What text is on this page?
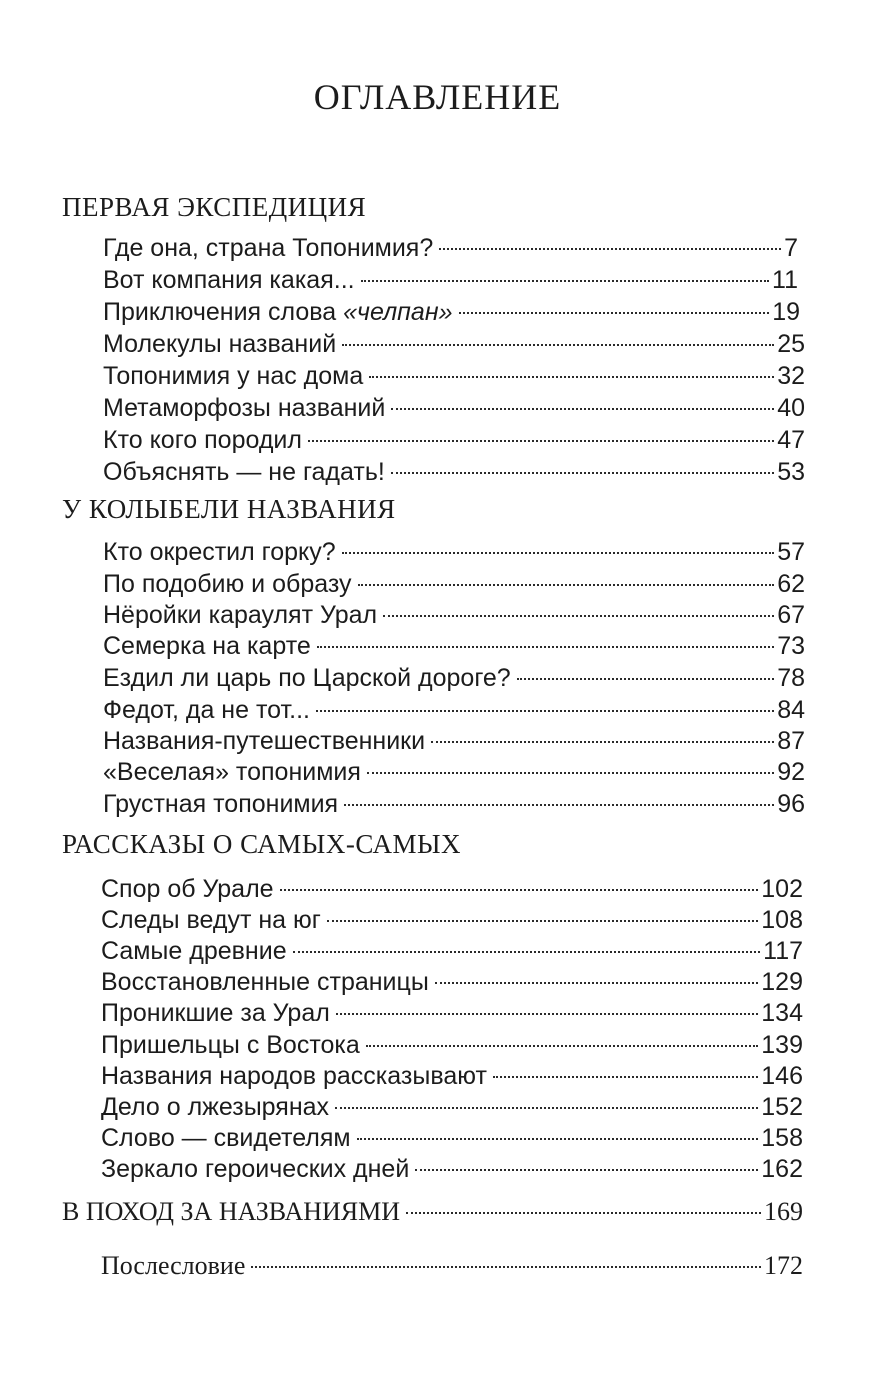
ОГЛАВЛЕНИЕ
ПЕРВАЯ ЭКСПЕДИЦИЯ
Где она, страна Топонимия?	7
Вот компания какая...	11
Приключения слова «челпан»	19
Молекулы названий	25
Топонимия у нас дома	32
Метаморфозы названий	40
Кто кого породил	47
Объяснять — не гадать!	53
У КОЛЫБЕЛИ НАЗВАНИЯ
Кто окрестил горку?	57
По подобию и образу	62
Нёройки караулят Урал	67
Семерка на карте	73
Ездил ли царь по Царской дороге?	78
Федот, да не тот...	84
Названия-путешественники	87
«Веселая» топонимия	92
Грустная топонимия	96
РАССКАЗЫ О САМЫХ-САМЫХ
Спор об Урале	102
Следы ведут на юг	108
Самые древние	117
Восстановленные страницы	129
Проникшие за Урал	134
Пришельцы с Востока	139
Названия народов рассказывают	146
Дело о лжезырянах	152
Слово — свидетелям	158
Зеркало героических дней	162
В ПОХОД ЗА НАЗВАНИЯМИ	169
Послесловие	172
